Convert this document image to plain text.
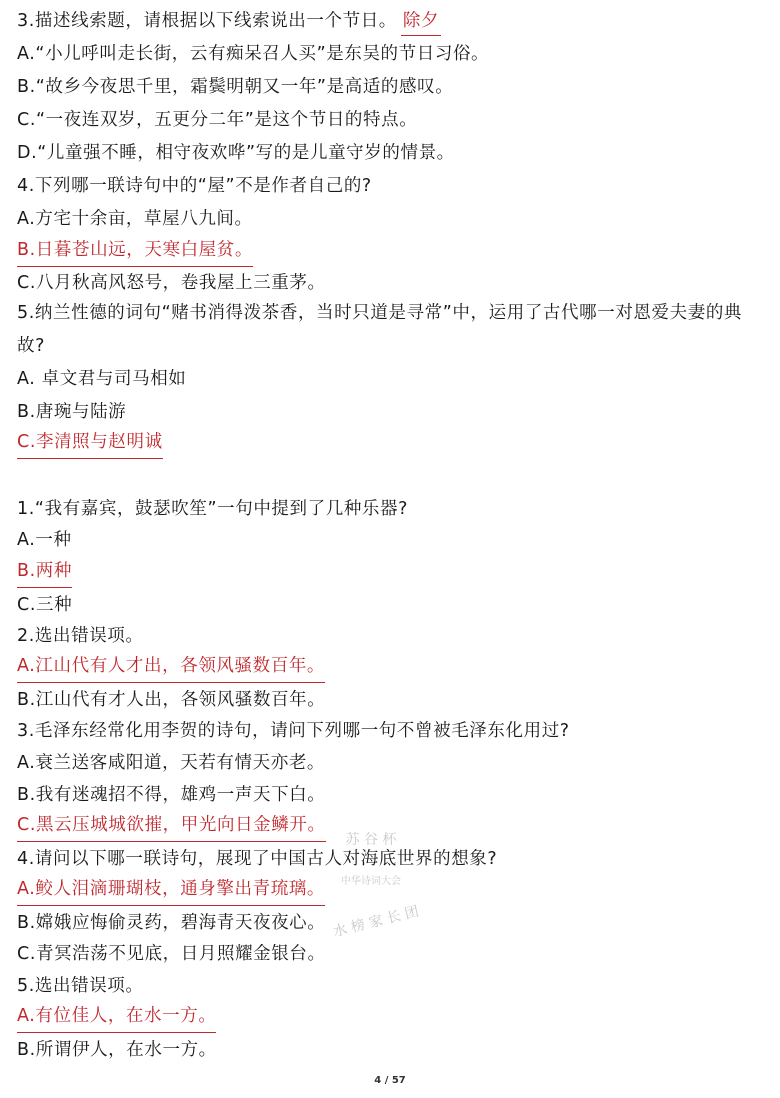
3.描述线索题，请根据以下线索说出一个节日。 除夕
A.“小儿呼叫走长街，云有痴呆召人买”是东吴的节日习俗。
B.“故乡今夜思千里，霜鬓明朝又一年”是高适的感叹。
C.“一夜连双岁，五更分二年”是这个节日的特点。
D.“儿童强不睡，相守夜欢哗”写的是儿童守岁的情景。
4.下列哪一联诗句中的“屋”不是作者自己的?
A.方宅十余亩，草屋八九间。
B.日暮苍山远，天寒白屋贫。
C.八月秋高风怒号，卷我屋上三重茅。
5.纳兰性德的词句“赌书消得泼茶香，当时只道是寻常”中，运用了古代哪一对恩爱夫妻的典故?
A. 卓文君与司马相如
B.唐琬与陆游
C.李清照与赵明诚
1.“我有嘉宾，鼓瑟吹笙”一句中提到了几种乐器?
A.一种
B.两种
C.三种
2.选出错误项。
A.江山代有人才出，各领风骚数百年。
B.江山代有才人出，各领风骚数百年。
3.毛泽东经常化用李贺的诗句，请问下列哪一句不曾被毛泽东化用过?
A.衰兰送客咸阳道，天若有情天亦老。
B.我有迷魂招不得，雄鸡一声天下白。
C.黑云压城城欲摧，甲光向日金鳞开。
4.请问以下哪一联诗句，展现了中国古人对海底世界的想象?
A.鲛人泪滴珊瑚枝，通身擎出青琉璃。
B.嫦娥应悔偷灵药，碧海青天夜夜心。
C.青冥浩荡不见底，日月照耀金银台。
5.选出错误项。
A.有位佳人，在水一方。
B.所谓伊人，在水一方。
苏 谷 杯
中华诗词大会
水 榜 家 长 团
4 / 57
